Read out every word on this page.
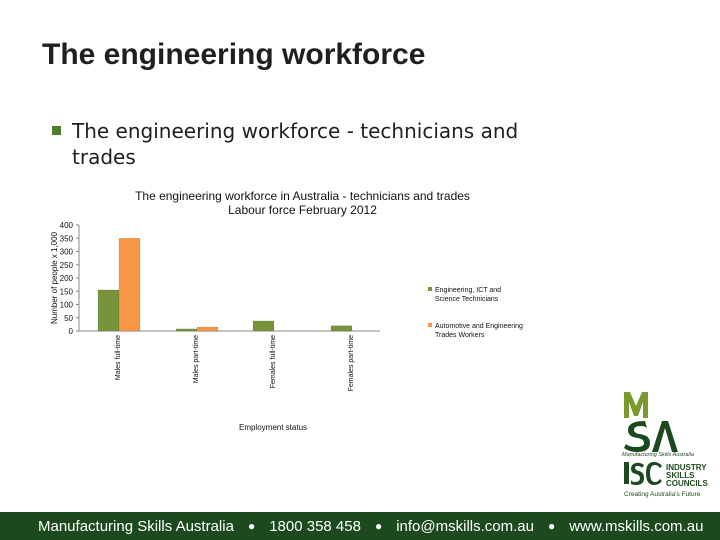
The engineering workforce
The engineering workforce - technicians and trades
The engineering workforce in Australia - technicians and trades
Labour force February 2012
0
50
100
150
200
250
300
350
400
Males full-time	Males part-time	Females full-time	Females part-time
Number of people x 1,000
Employment status
Engineering, ICT and Science Technicians
Automotive and Engineering Trades Workers
Manufacturing Skills Australia
INDUSTRY
SKILLS
COUNCILS
Creating Australia's Future
Manufacturing Skills Australia ● 1800 358 458 ● info@mskills.com.au ● www.mskills.com.au
